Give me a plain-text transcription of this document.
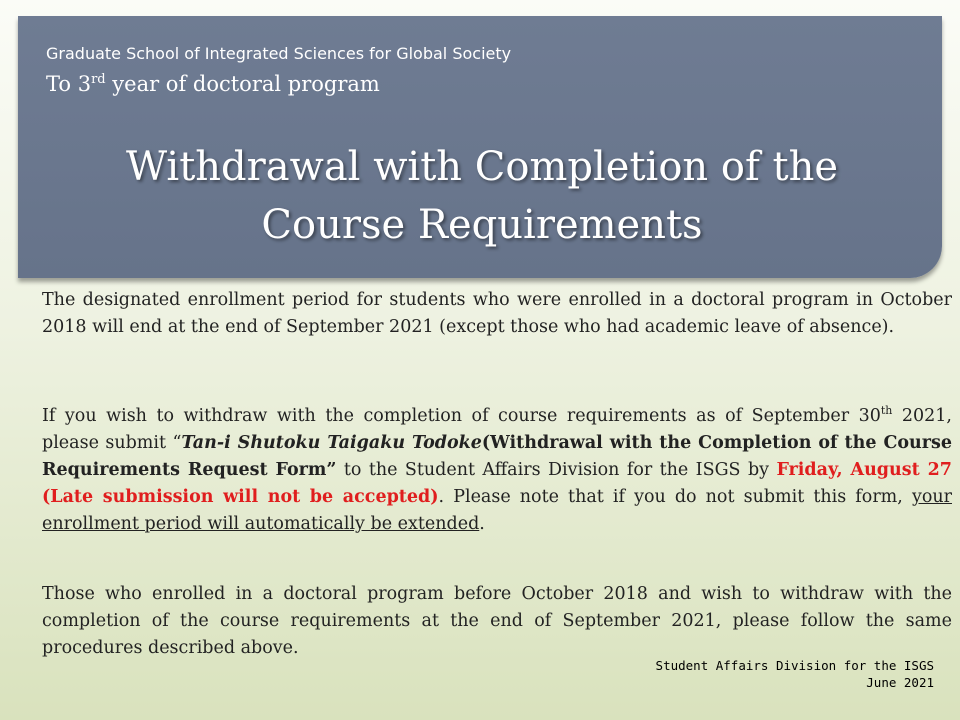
Graduate School of Integrated Sciences for Global Society
To 3rd year of doctoral program
Withdrawal with Completion of the
Course Requirements

The designated enrollment period for students who were enrolled in a doctoral program in October 2018 will end at the end of September 2021 (except those who had academic leave of absence).

If you wish to withdraw with the completion of course requirements as of September 30th 2021, please submit “Tan-i Shutoku Taigaku Todoke(Withdrawal with the Completion of the Course Requirements Request Form” to the Student Affairs Division for the ISGS by Friday, August 27 (Late submission will not be accepted). Please note that if you do not submit this form, your enrollment period will automatically be extended.

Those who enrolled in a doctoral program before October 2018 and wish to withdraw with the completion of the course requirements at the end of September 2021, please follow the same procedures described above.

Student Affairs Division for the ISGS
June 2021
